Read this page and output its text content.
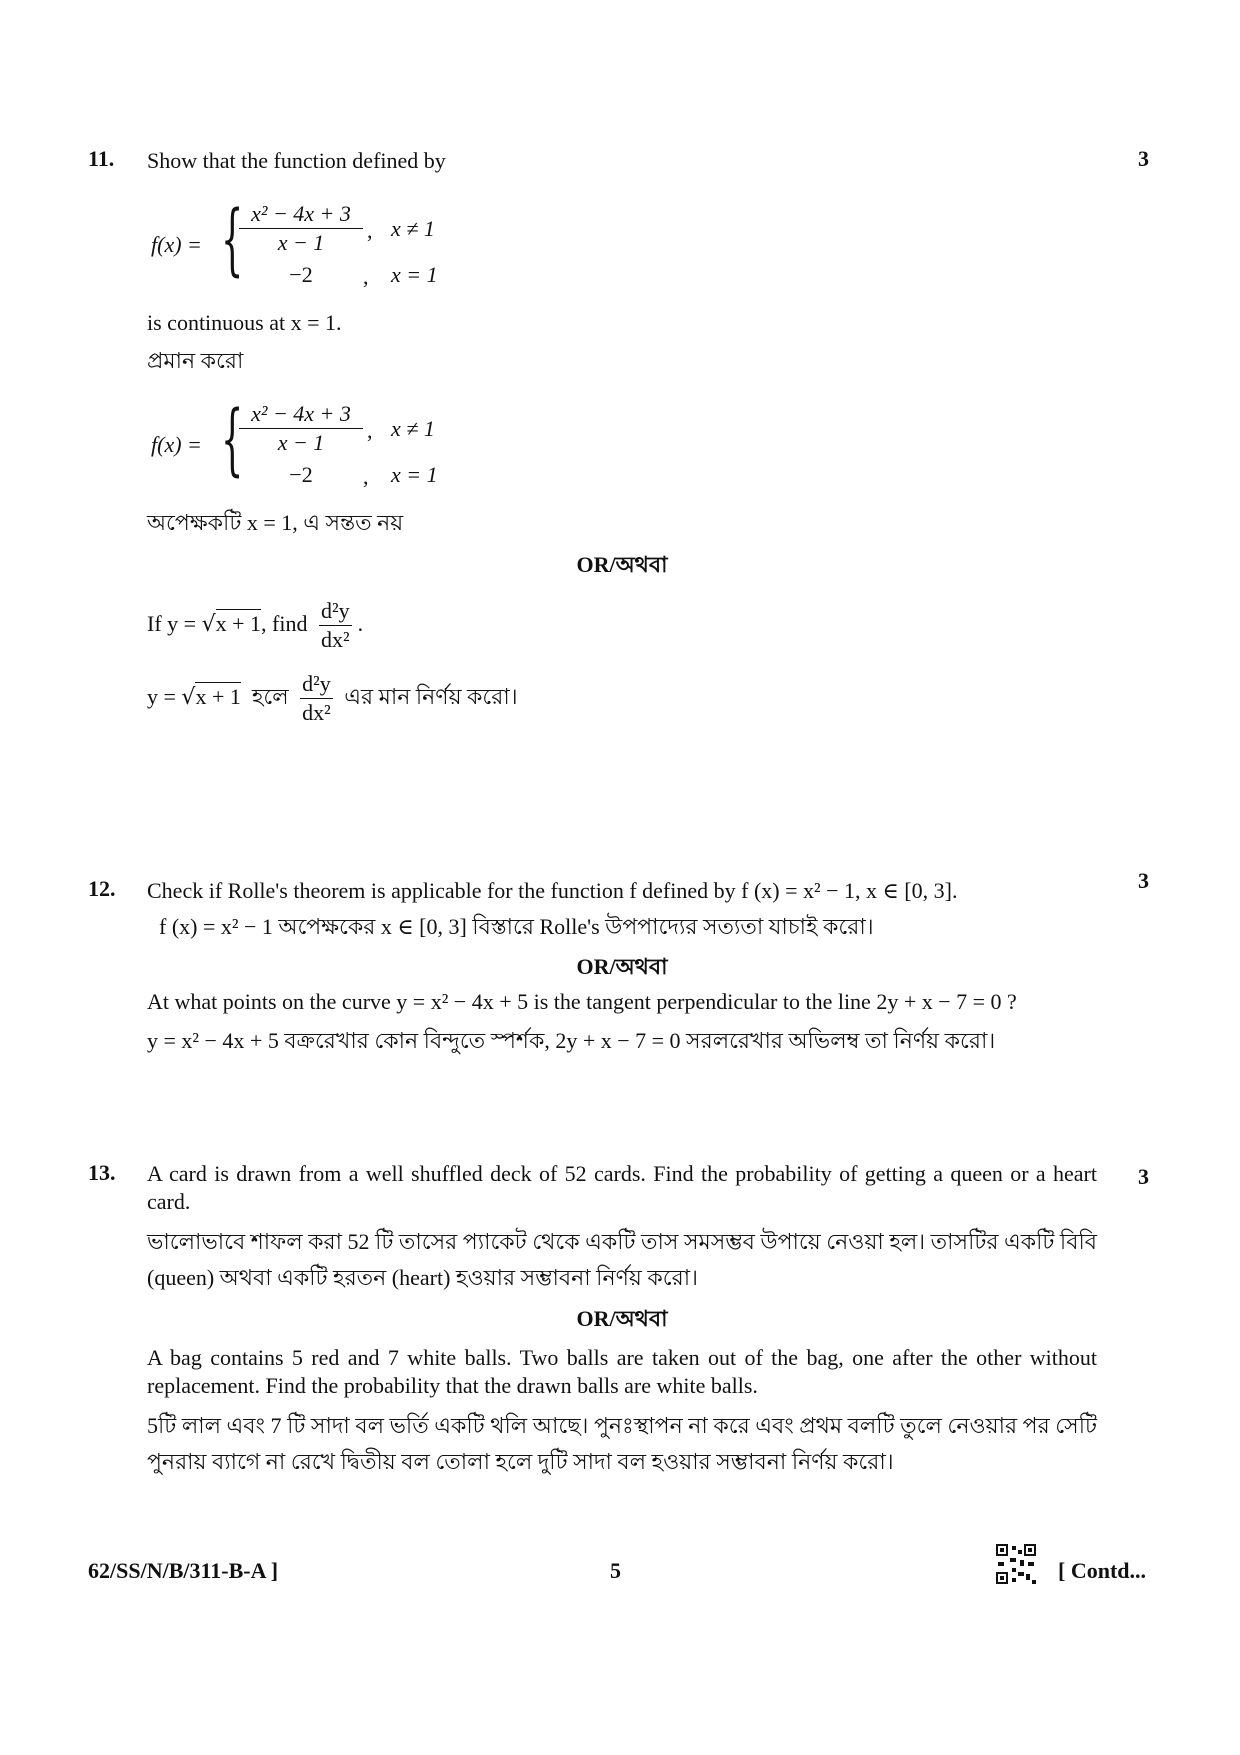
11.	3

Show that the function defined by

f(x) = {
$\frac{\text{x² − 4x + 3}}{x - 1}$ , x ≠ 1
−2	, x = 1

is continuous at x = 1.

প্রমান করো

f(x) = {
$\frac{\text{x² − 4x + 3}}{x - 1}$ , x ≠ 1
−2	, x = 1

অপেক্ষকটি x = 1, এ সন্তত নয়

OR/অথবা

If y = √x + 1, find $\frac{\text{d²y}}{\text{dx²}}$ .

y = √x + 1 হলে $\frac{\text{d²y}}{\text{dx²}}$ এর মান নির্ণয় করো।

12.	3

Check if Rolle's theorem is applicable for the function f defined by f (x) = x² − 1, x ∈ [0, 3].

f (x) = x² − 1 অপেক্ষকের x ∈ [0, 3] বিস্তারে Rolle's উপপাদ্যের সত্যতা যাচাই করো।

OR/অথবা

At what points on the curve y = x² − 4x + 5 is the tangent perpendicular to the line 2y + x − 7 = 0 ?

y = x² − 4x + 5 বক্ররেখার কোন বিন্দুতে স্পর্শক, 2y + x − 7 = 0 সরলরেখার অভিলম্ব তা নির্ণয় করো।

13.	3

A card is drawn from a well shuffled deck of 52 cards. Find the probability of getting a queen or a heart card.

ভালোভাবে শাফল করা 52 টি তাসের প্যাকেট থেকে একটি তাস সমসম্ভব উপায়ে নেওয়া হল। তাসটির একটি বিবি (queen) অথবা একটি হরতন (heart) হওয়ার সম্ভাবনা নির্ণয় করো।

OR/অথবা

A bag contains 5 red and 7 white balls. Two balls are taken out of the bag, one after the other without replacement. Find the probability that the drawn balls are white balls.

5টি লাল এবং 7 টি সাদা বল ভর্তি একটি থলি আছে। পুনঃস্থাপন না করে এবং প্রথম বলটি তুলে নেওয়ার পর সেটি পুনরায় ব্যাগে না রেখে দ্বিতীয় বল তোলা হলে দুটি সাদা বল হওয়ার সম্ভাবনা নির্ণয় করো।

62/SS/N/B/311-B-A ]	5	[ Contd...
